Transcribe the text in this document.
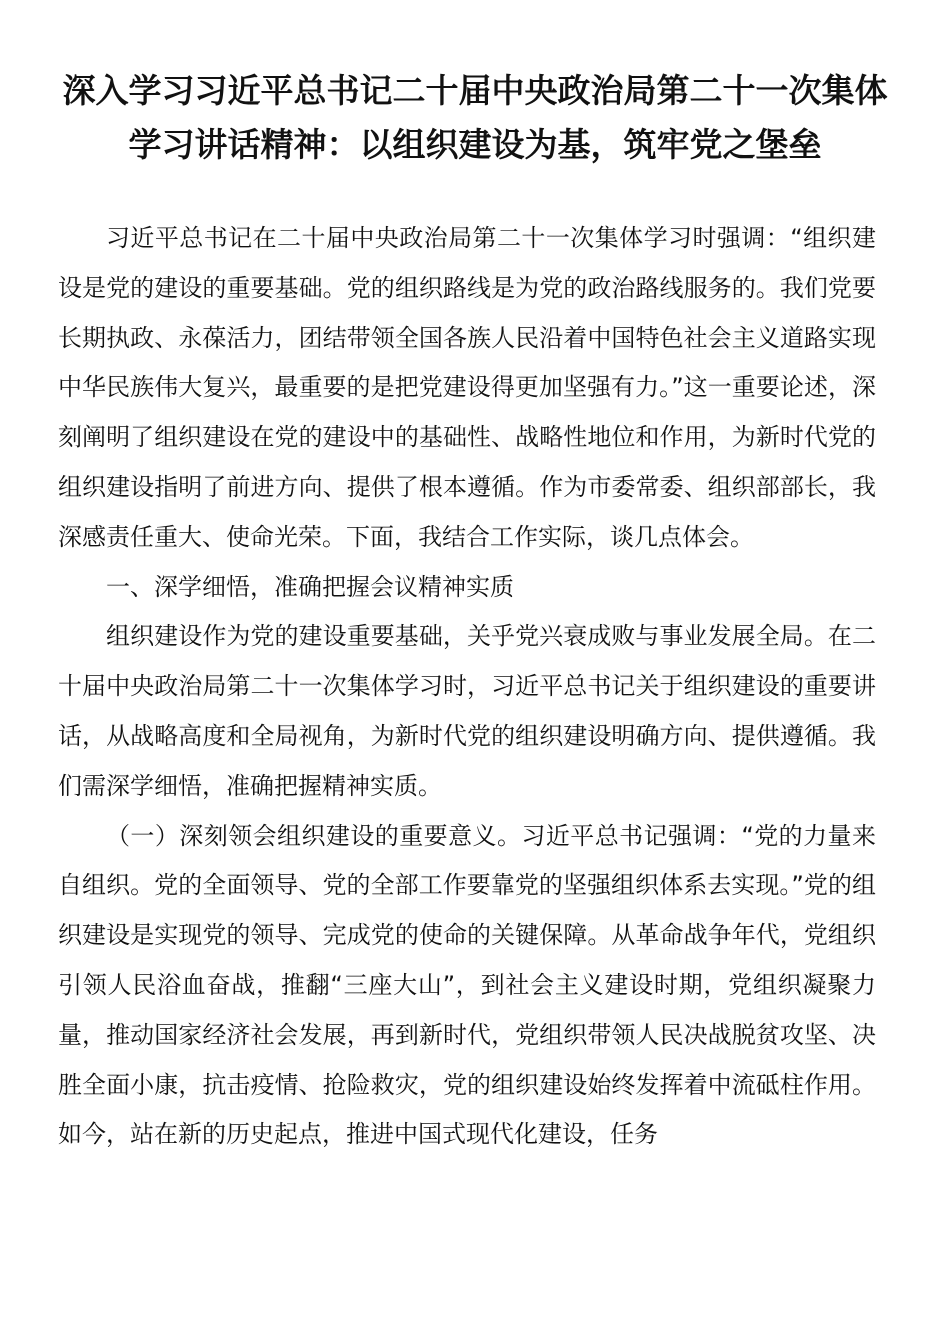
深入学习习近平总书记二十届中央政治局第二十一次集体学习讲话精神：以组织建设为基，筑牢党之堡垒

习近平总书记在二十届中央政治局第二十一次集体学习时强调：“组织建设是党的建设的重要基础。党的组织路线是为党的政治路线服务的。我们党要长期执政、永葆活力，团结带领全国各族人民沿着中国特色社会主义道路实现中华民族伟大复兴，最重要的是把党建设得更加坚强有力。”这一重要论述，深刻阐明了组织建设在党的建设中的基础性、战略性地位和作用，为新时代党的组织建设指明了前进方向、提供了根本遵循。作为市委常委、组织部部长，我深感责任重大、使命光荣。下面，我结合工作实际，谈几点体会。

一、深学细悟，准确把握会议精神实质

组织建设作为党的建设重要基础，关乎党兴衰成败与事业发展全局。在二十届中央政治局第二十一次集体学习时，习近平总书记关于组织建设的重要讲话，从战略高度和全局视角，为新时代党的组织建设明确方向、提供遵循。我们需深学细悟，准确把握精神实质。

（一）深刻领会组织建设的重要意义。习近平总书记强调：“党的力量来自组织。党的全面领导、党的全部工作要靠党的坚强组织体系去实现。”党的组织建设是实现党的领导、完成党的使命的关键保障。从革命战争年代，党组织引领人民浴血奋战，推翻“三座大山”，到社会主义建设时期，党组织凝聚力量，推动国家经济社会发展，再到新时代，党组织带领人民决战脱贫攻坚、决胜全面小康，抗击疫情、抢险救灾，党的组织建设始终发挥着中流砥柱作用。如今，站在新的历史起点，推进中国式现代化建设，任务
